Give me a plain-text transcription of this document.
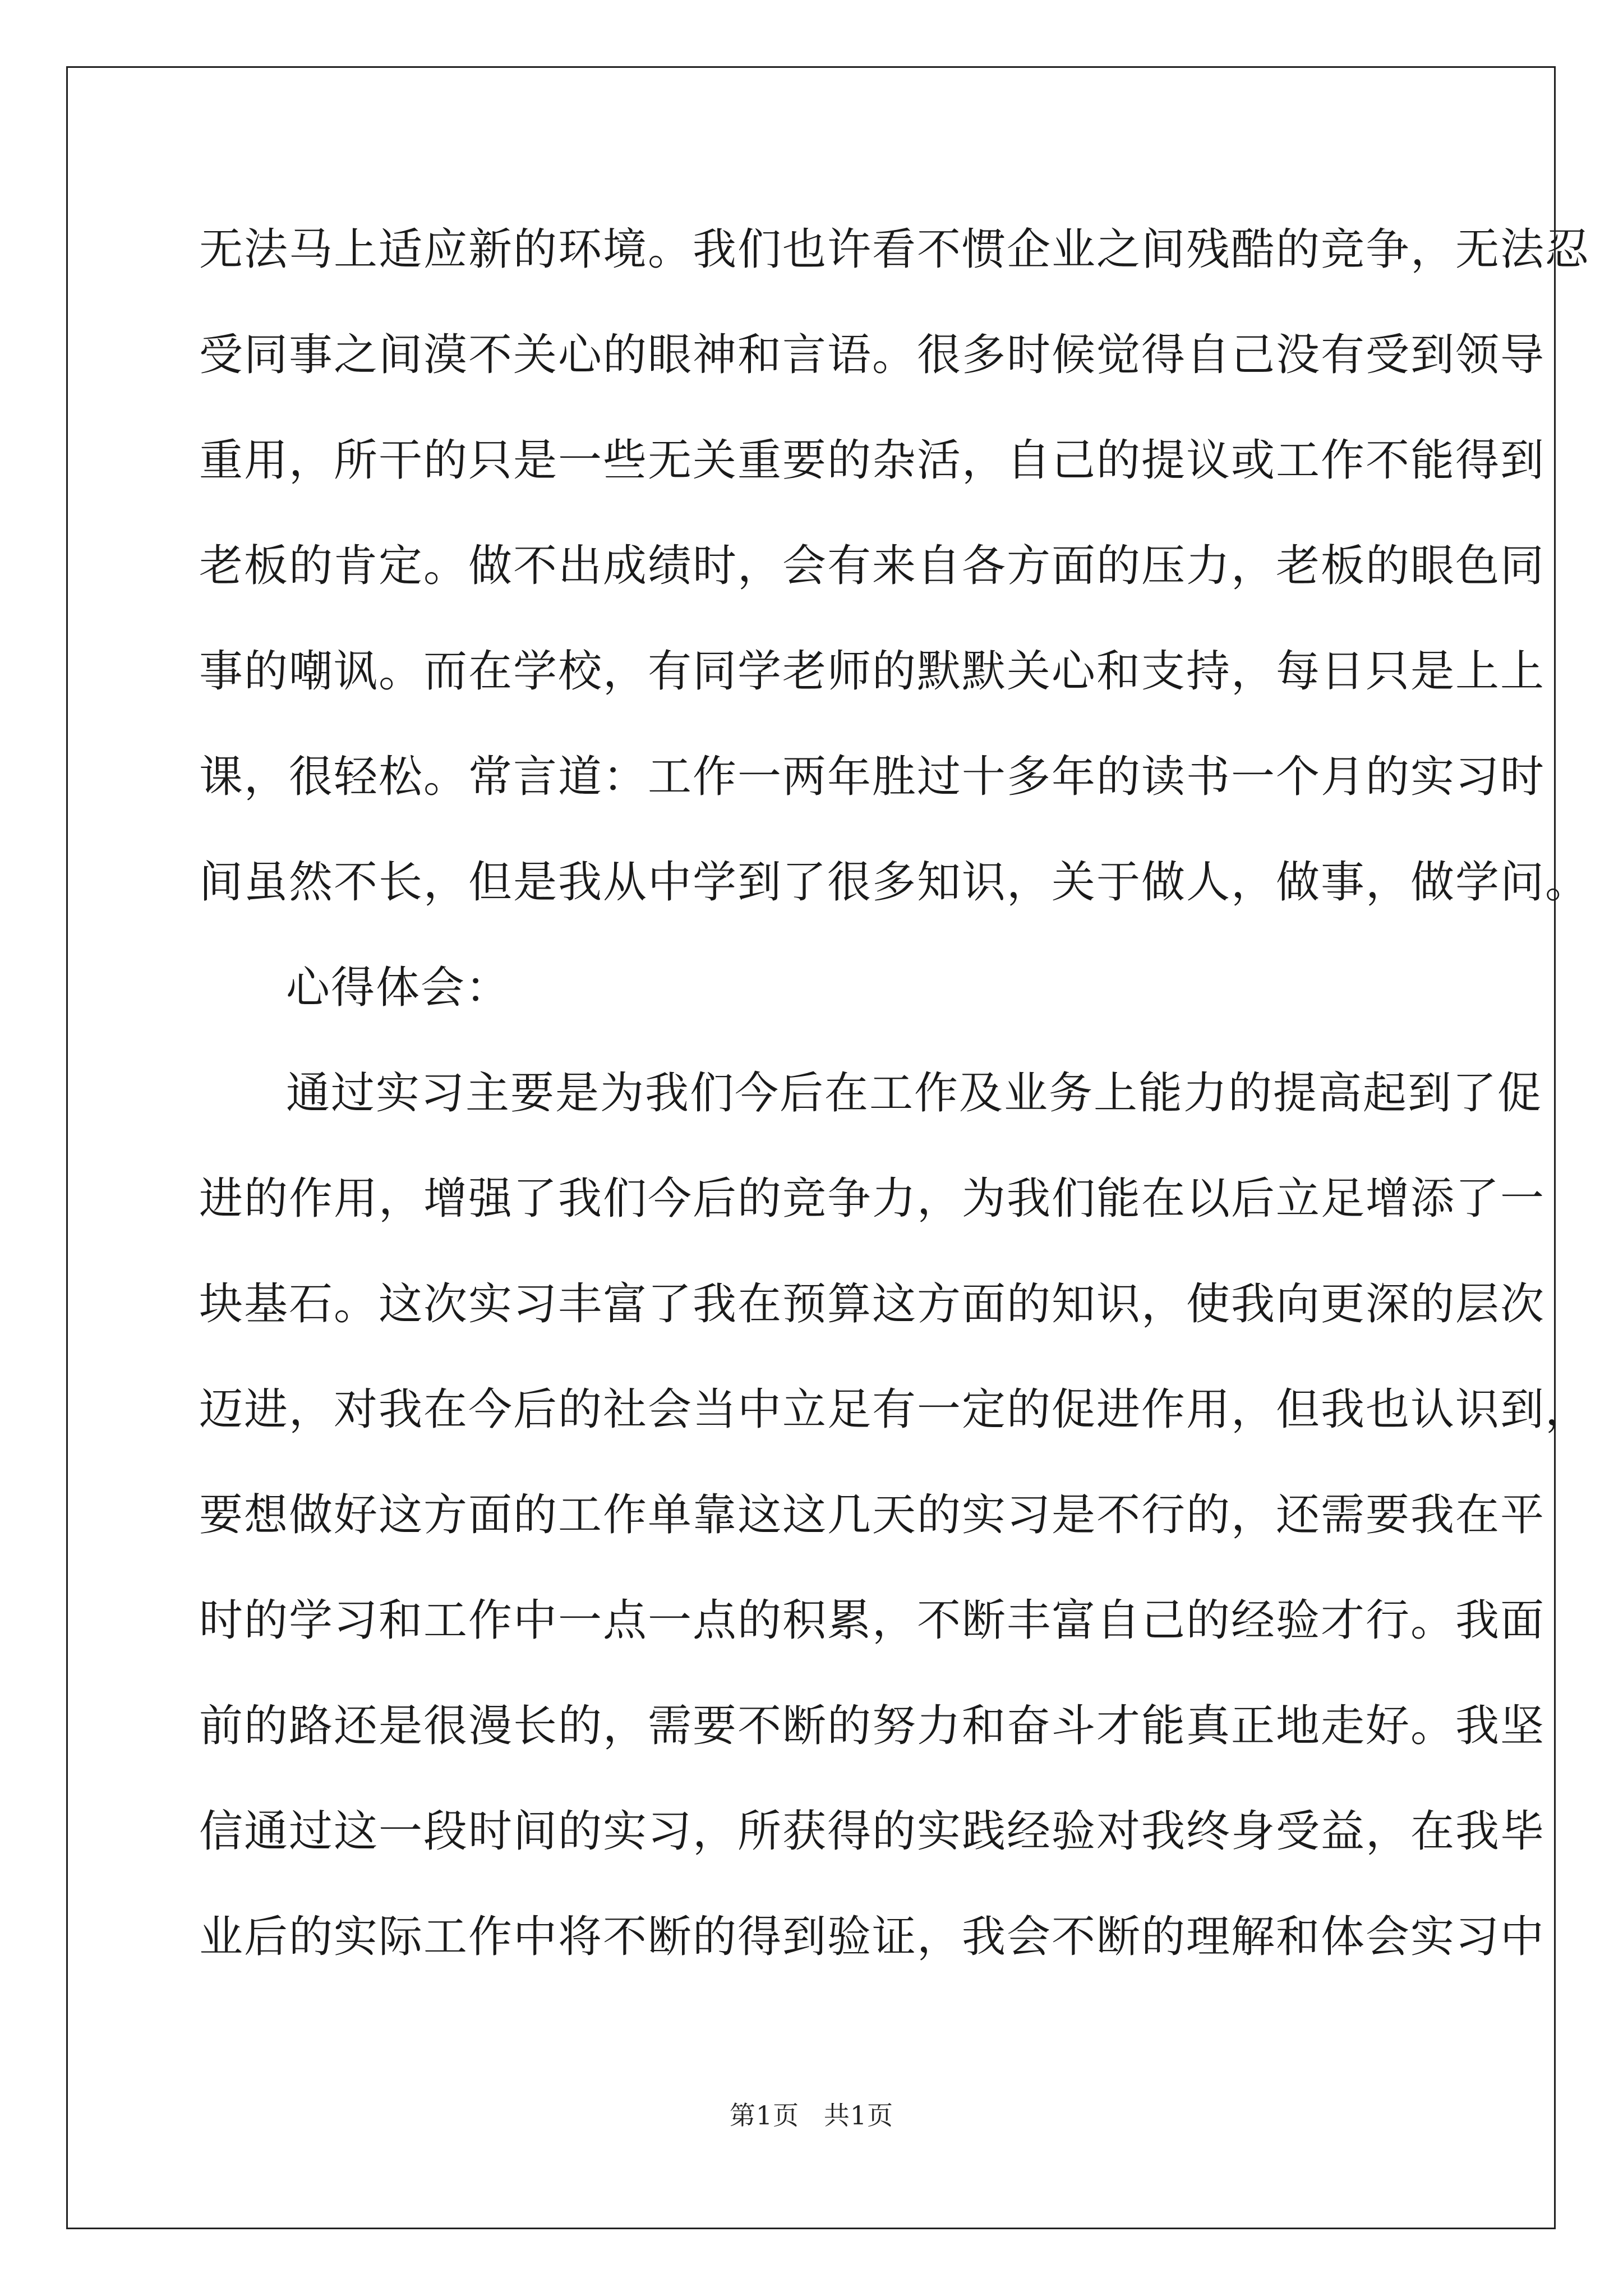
无法马上适应新的环境。我们也许看不惯企业之间残酷的竞争，无法忍
受同事之间漠不关心的眼神和言语。很多时候觉得自己没有受到领导
重用，所干的只是一些无关重要的杂活，自己的提议或工作不能得到
老板的肯定。做不出成绩时，会有来自各方面的压力，老板的眼色同
事的嘲讽。而在学校，有同学老师的默默关心和支持，每日只是上上
课，很轻松。常言道：工作一两年胜过十多年的读书一个月的实习时
间虽然不长，但是我从中学到了很多知识，关于做人，做事，做学问。
心得体会：
通过实习主要是为我们今后在工作及业务上能力的提高起到了促
进的作用，增强了我们今后的竞争力，为我们能在以后立足增添了一
块基石。这次实习丰富了我在预算这方面的知识，使我向更深的层次
迈进，对我在今后的社会当中立足有一定的促进作用，但我也认识到，
要想做好这方面的工作单靠这这几天的实习是不行的，还需要我在平
时的学习和工作中一点一点的积累，不断丰富自己的经验才行。我面
前的路还是很漫长的，需要不断的努力和奋斗才能真正地走好。我坚
信通过这一段时间的实习，所获得的实践经验对我终身受益，在我毕
业后的实际工作中将不断的得到验证，我会不断的理解和体会实习中
第1页 共1页
